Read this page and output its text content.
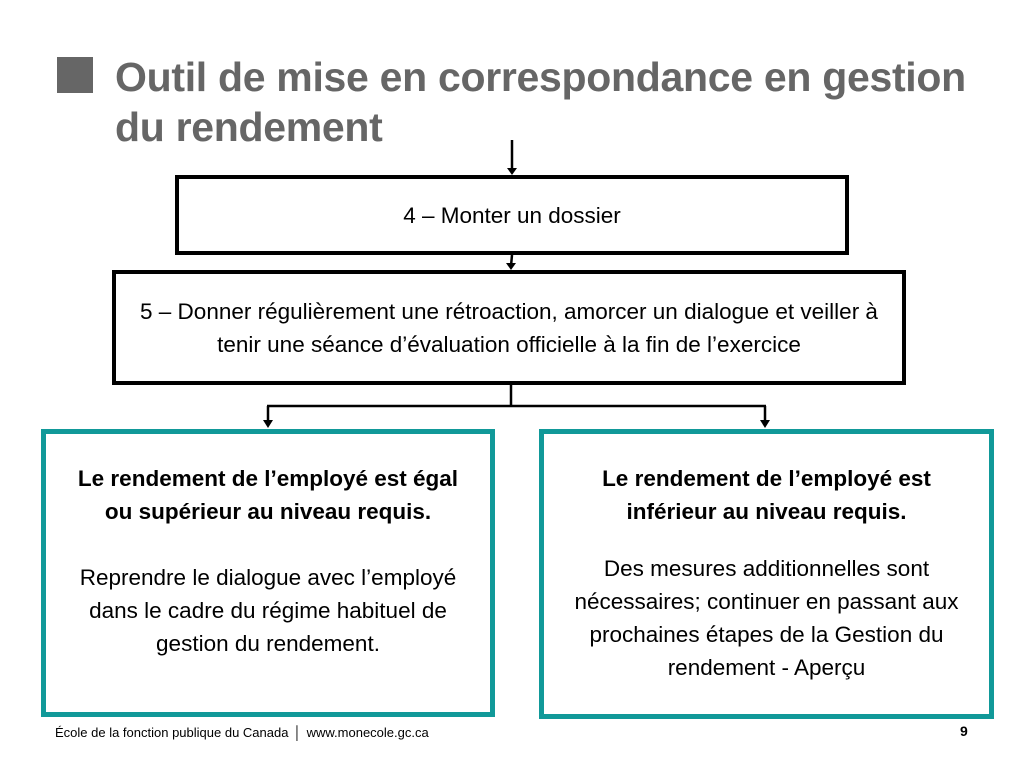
Outil de mise en correspondance en gestion du rendement
4 – Monter un dossier
5 – Donner régulièrement une rétroaction, amorcer un dialogue et veiller à tenir une séance d’évaluation officielle à la fin de l’exercice

Le rendement de l’employé est égal ou supérieur au niveau requis.

Reprendre le dialogue avec l’employé dans le cadre du régime habituel de gestion du rendement.

Le rendement de l’employé est inférieur au niveau requis.

Des mesures additionnelles sont nécessaires; continuer en passant aux prochaines étapes de la Gestion du rendement - Aperçu

École de la fonction publique du Canada │ www.monecole.gc.ca	9
